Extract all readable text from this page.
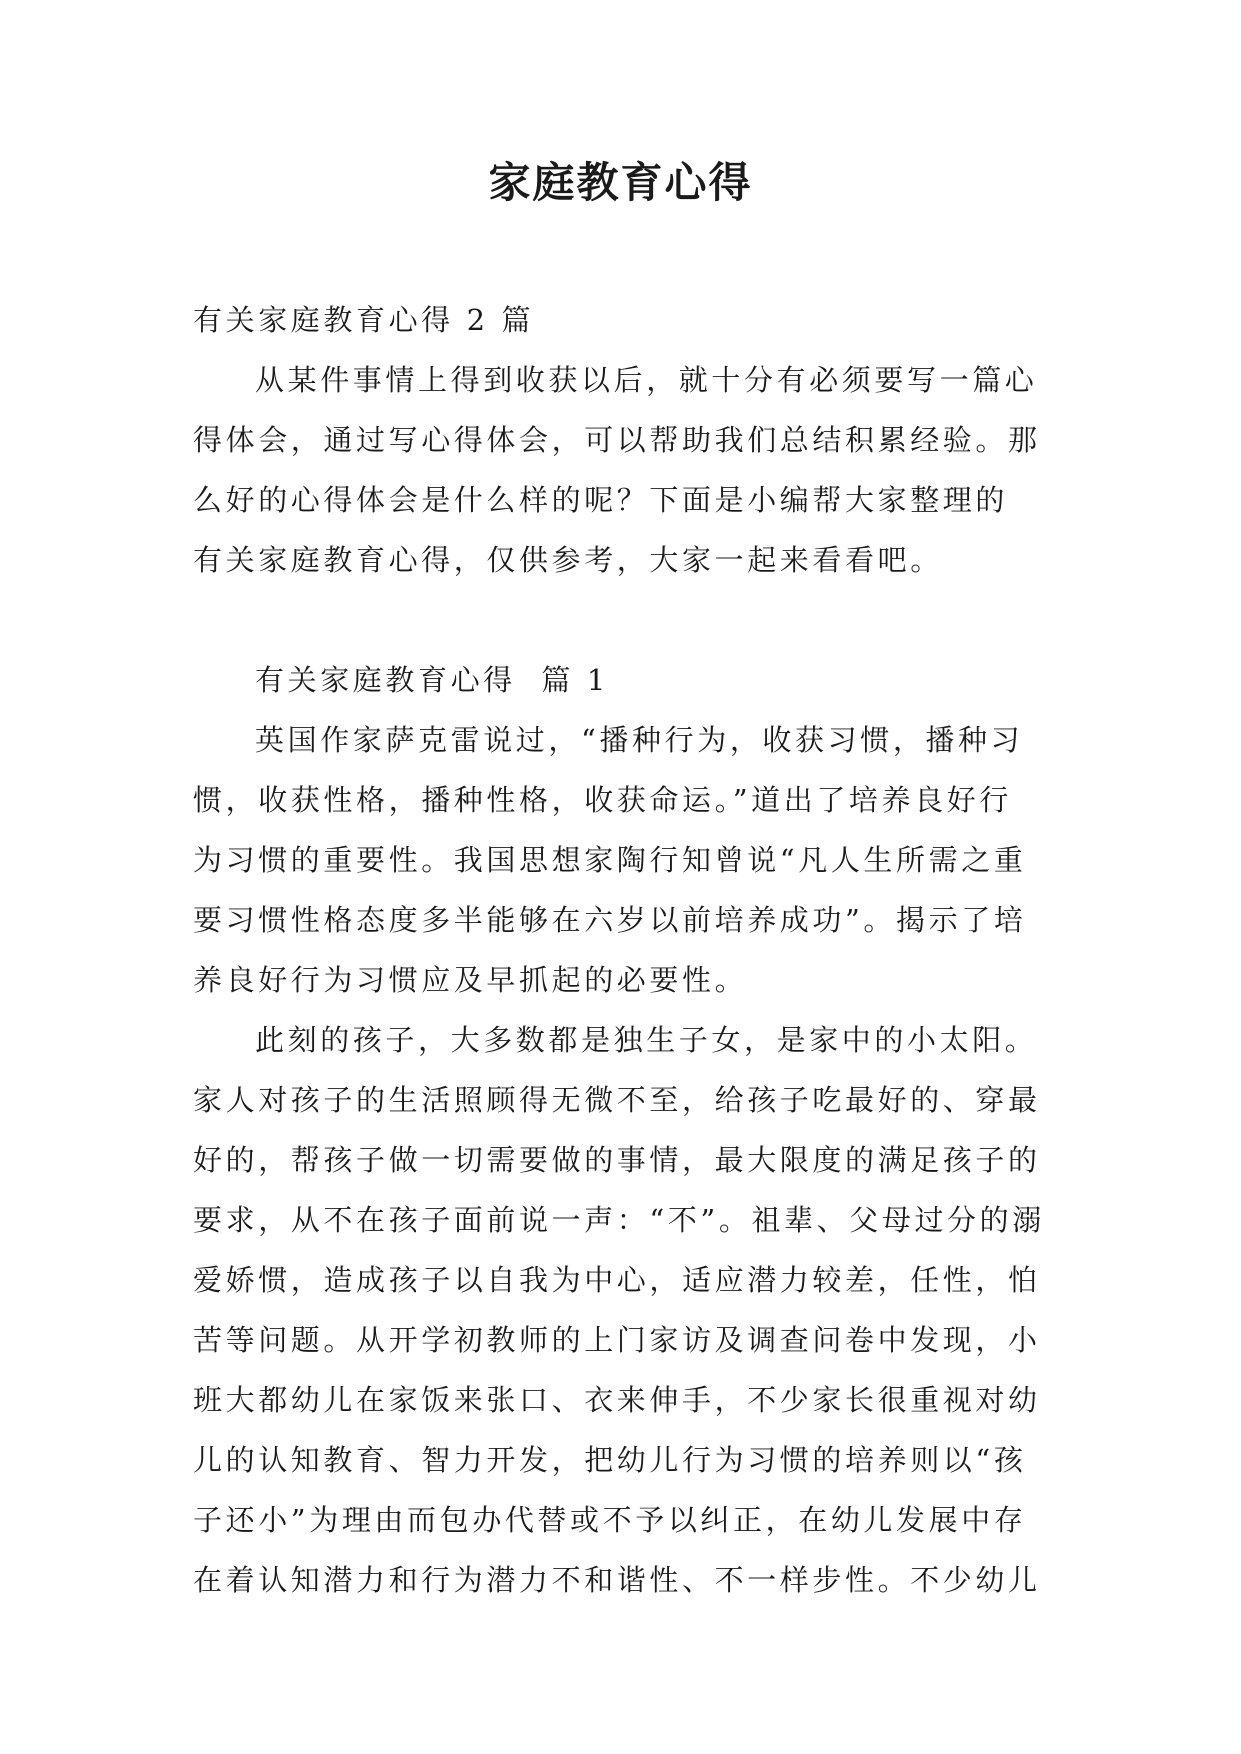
家庭教育心得

有关家庭教育心得 2 篇

从某件事情上得到收获以后，就十分有必须要写一篇心

得体会，通过写心得体会，可以帮助我们总结积累经验。那

么好的心得体会是什么样的呢？下面是小编帮大家整理的

有关家庭教育心得，仅供参考，大家一起来看看吧。

有关家庭教育心得  篇 1

英国作家萨克雷说过，“播种行为，收获习惯，播种习

惯，收获性格，播种性格，收获命运。”道出了培养良好行

为习惯的重要性。我国思想家陶行知曾说“凡人生所需之重

要习惯性格态度多半能够在六岁以前培养成功”。揭示了培

养良好行为习惯应及早抓起的必要性。

此刻的孩子，大多数都是独生子女，是家中的小太阳。

家人对孩子的生活照顾得无微不至，给孩子吃最好的、穿最

好的，帮孩子做一切需要做的事情，最大限度的满足孩子的

要求，从不在孩子面前说一声：“不”。祖辈、父母过分的溺

爱娇惯，造成孩子以自我为中心，适应潜力较差，任性，怕

苦等问题。从开学初教师的上门家访及调查问卷中发现，小

班大都幼儿在家饭来张口、衣来伸手，不少家长很重视对幼

儿的认知教育、智力开发，把幼儿行为习惯的培养则以“孩

子还小”为理由而包办代替或不予以纠正，在幼儿发展中存

在着认知潜力和行为潜力不和谐性、不一样步性。不少幼儿
